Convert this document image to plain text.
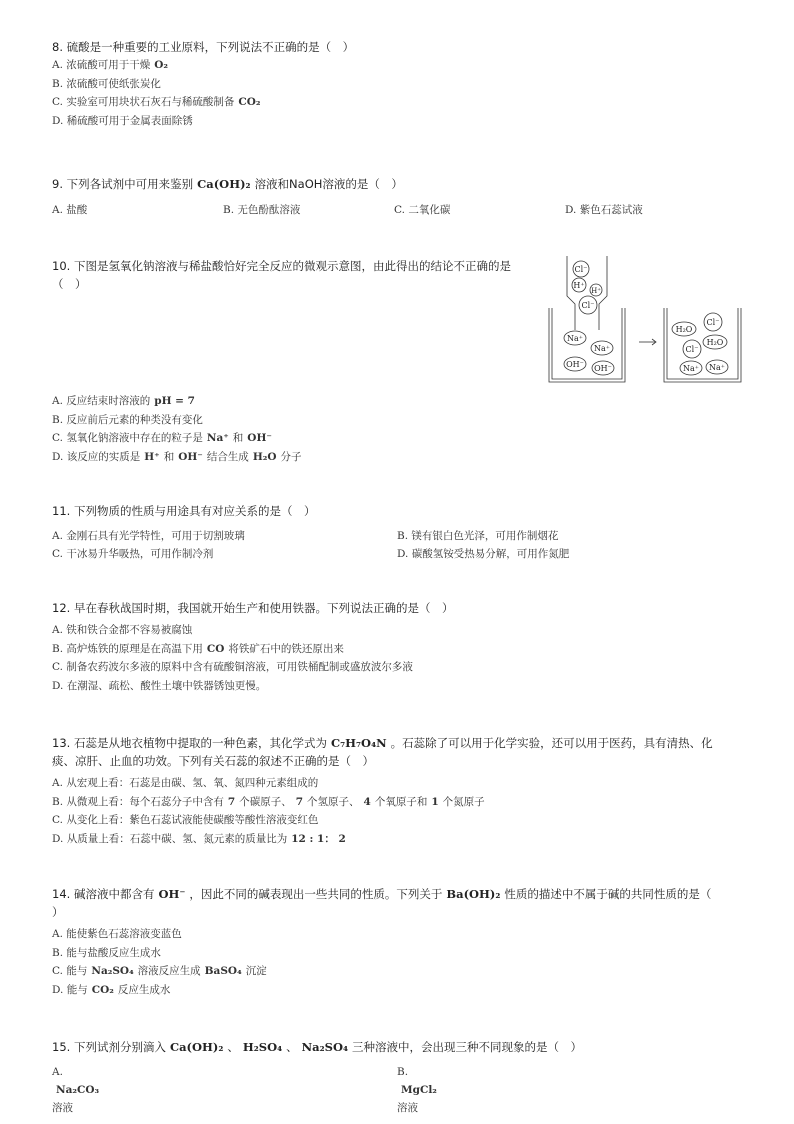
8. 硫酸是一种重要的工业原料，下列说法不正确的是（　）
A. 浓硫酸可用于干燥 O₂
B. 浓硫酸可使纸张炭化
C. 实验室可用块状石灰石与稀硫酸制备 CO₂
D. 稀硫酸可用于金属表面除锈
9. 下列各试剂中可用来鉴别 Ca(OH)₂ 溶液和NaOH溶液的是（　）
A. 盐酸	B. 无色酚酞溶液	C. 二氧化碳	D. 紫色石蕊试液
10. 下图是氢氧化钠溶液与稀盐酸恰好完全反应的微观示意图，由此得出的结论不正确的是
（　）
A. 反应结束时溶液的 pH = 7
B. 反应前后元素的种类没有变化
C. 氢氧化钠溶液中存在的粒子是 Na⁺ 和 OH⁻
D. 该反应的实质是 H⁺ 和 OH⁻ 结合生成 H₂O 分子
Cl⁻
H⁺
H⁺
Cl⁻
Na⁺
Na⁺
OH⁻ OH⁻
H₂O
Cl⁻
H₂O
Cl⁻
Na⁺ Na⁺
11. 下列物质的性质与用途具有对应关系的是（　）
A. 金刚石具有光学特性，可用于切割玻璃	B. 镁有银白色光泽，可用作制烟花
C. 干冰易升华吸热，可用作制冷剂	D. 碳酸氢铵受热易分解，可用作氮肥
12. 早在春秋战国时期，我国就开始生产和使用铁器。下列说法正确的是（　）
A. 铁和铁合金都不容易被腐蚀
B. 高炉炼铁的原理是在高温下用 CO 将铁矿石中的铁还原出来
C. 制备农药波尔多液的原料中含有硫酸铜溶液，可用铁桶配制或盛放波尔多液
D. 在潮湿、疏松、酸性土壤中铁器锈蚀更慢。
13. 石蕊是从地衣植物中提取的一种色素，其化学式为 C₇H₇O₄N 。石蕊除了可以用于化学实验，还可以用于医药，具有清热、化
痰、凉肝、止血的功效。下列有关石蕊的叙述不正确的是（　）
A. 从宏观上看：石蕊是由碳、氢、氧、氮四种元素组成的
B. 从微观上看：每个石蕊分子中含有 7 个碳原子、 7 个氢原子、 4 个氧原子和 1 个氮原子
C. 从变化上看：紫色石蕊试液能使碳酸等酸性溶液变红色
D. 从质量上看：石蕊中碳、氢、氮元素的质量比为 12 : 1： 2
14. 碱溶液中都含有 OH⁻ ，因此不同的碱表现出一些共同的性质。下列关于 Ba(OH)₂ 性质的描述中不属于碱的共同性质的是（
）
A. 能使紫色石蕊溶液变蓝色
B. 能与盐酸反应生成水
C. 能与 Na₂SO₄ 溶液反应生成 BaSO₄ 沉淀
D. 能与 CO₂ 反应生成水
15. 下列试剂分别滴入 Ca(OH)₂ 、 H₂SO₄ 、 Na₂SO₄ 三种溶液中，会出现三种不同现象的是（　）
A.Na₂CO₃溶液
B.MgCl₂溶液
